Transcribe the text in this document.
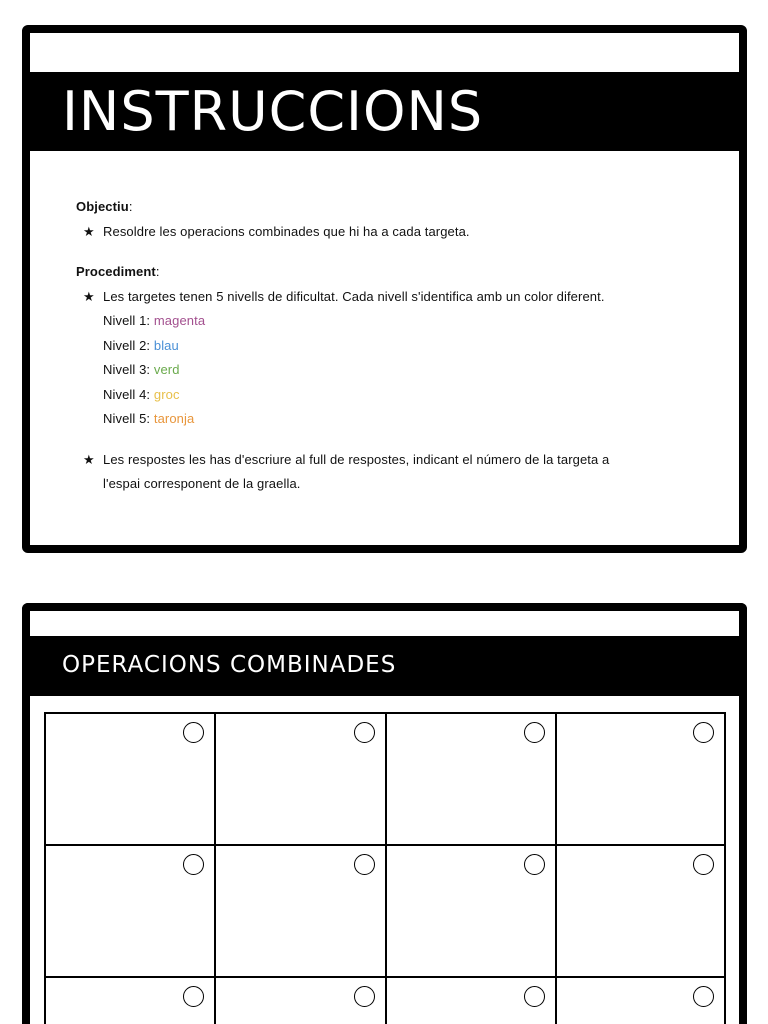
INSTRUCCIONS
Objectiu:
★ Resoldre les operacions combinades que hi ha a cada targeta.
Procediment:
★ Les targetes tenen 5 nivells de dificultat. Cada nivell s'identifica amb un color diferent.
Nivell 1: magenta
Nivell 2: blau
Nivell 3: verd
Nivell 4: groc
Nivell 5: taronja
★ Les respostes les has d'escriure al full de respostes, indicant el número de la targeta a
l'espai corresponent de la graella.
OPERACIONS COMBINADES
